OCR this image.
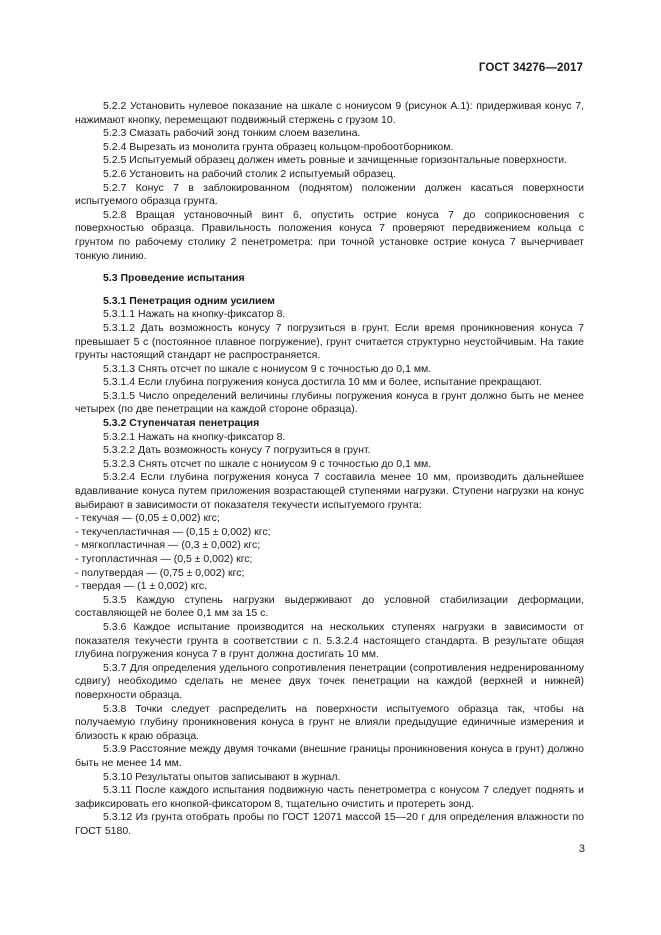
ГОСТ 34276—2017

5.2.2 Установить нулевое показание на шкале с нониусом 9 (рисунок А.1): придерживая конус 7, нажимают кнопку, перемещают подвижный стержень с грузом 10.

5.2.3 Смазать рабочий зонд тонким слоем вазелина.

5.2.4 Вырезать из монолита грунта образец кольцом-пробоотборником.

5.2.5 Испытуемый образец должен иметь ровные и зачищенные горизонтальные поверхности.

5.2.6 Установить на рабочий столик 2 испытуемый образец.

5.2.7 Конус 7 в заблокированном (поднятом) положении должен касаться поверхности испытуемого образца грунта.

5.2.8 Вращая установочный винт 6, опустить острие конуса 7 до соприкосновения с поверхностью образца. Правильность положения конуса 7 проверяют передвижением кольца с грунтом по рабочему столику 2 пенетрометра: при точной установке острие конуса 7 вычерчивает тонкую линию.

5.3 Проведение испытания

5.3.1 Пенетрация одним усилием

5.3.1.1 Нажать на кнопку-фиксатор 8.

5.3.1.2 Дать возможность конусу 7 погрузиться в грунт. Если время проникновения конуса 7 превышает 5 с (постоянное плавное погружение), грунт считается структурно неустойчивым. На такие грунты настоящий стандарт не распространяется.

5.3.1.3 Снять отсчет по шкале с нониусом 9 с точностью до 0,1 мм.

5.3.1.4 Если глубина погружения конуса достигла 10 мм и более, испытание прекращают.

5.3.1.5 Число определений величины глубины погружения конуса в грунт должно быть не менее четырех (по две пенетрации на каждой стороне образца).

5.3.2 Ступенчатая пенетрация

5.3.2.1 Нажать на кнопку-фиксатор 8.

5.3.2.2 Дать возможность конусу 7 погрузиться в грунт.

5.3.2.3 Снять отсчет по шкале с нониусом 9 с точностью до 0,1 мм.

5.3.2.4 Если глубина погружения конуса 7 составила менее 10 мм, производить дальнейшее вдавливание конуса путем приложения возрастающей ступенями нагрузки. Ступени нагрузки на конус выбирают в зависимости от показателя текучести испытуемого грунта:

- текучая — (0,05 ± 0,002) кгс;
- текучепластичная — (0,15 ± 0,002) кгс;
- мягкопластичная — (0,3 ± 0,002) кгс;
- тугопластичная — (0,5 ± 0,002) кгс;
- полутвердая — (0,75 ± 0,002) кгс;
- твердая — (1 ± 0,002) кгс.

5.3.5 Каждую ступень нагрузки выдерживают до условной стабилизации деформации, составляющей не более 0,1 мм за 15 с.

5.3.6 Каждое испытание производится на нескольких ступенях нагрузки в зависимости от показателя текучести грунта в соответствии с п. 5.3.2.4 настоящего стандарта. В результате общая глубина погружения конуса 7 в грунт должна достигать 10 мм.

5.3.7 Для определения удельного сопротивления пенетрации (сопротивления недренированному сдвигу) необходимо сделать не менее двух точек пенетрации на каждой (верхней и нижней) поверхности образца.

5.3.8 Точки следует распределить на поверхности испытуемого образца так, чтобы на получаемую глубину проникновения конуса в грунт не влияли предыдущие единичные измерения и близость к краю образца.

5.3.9 Расстояние между двумя точками (внешние границы проникновения конуса в грунт) должно быть не менее 14 мм.

5.3.10 Результаты опытов записывают в журнал.

5.3.11 После каждого испытания подвижную часть пенетрометра с конусом 7 следует поднять и зафиксировать его кнопкой-фиксатором 8, тщательно очистить и протереть зонд.

5.3.12 Из грунта отобрать пробы по ГОСТ 12071 массой 15—20 г для определения влажности по ГОСТ 5180.

3
